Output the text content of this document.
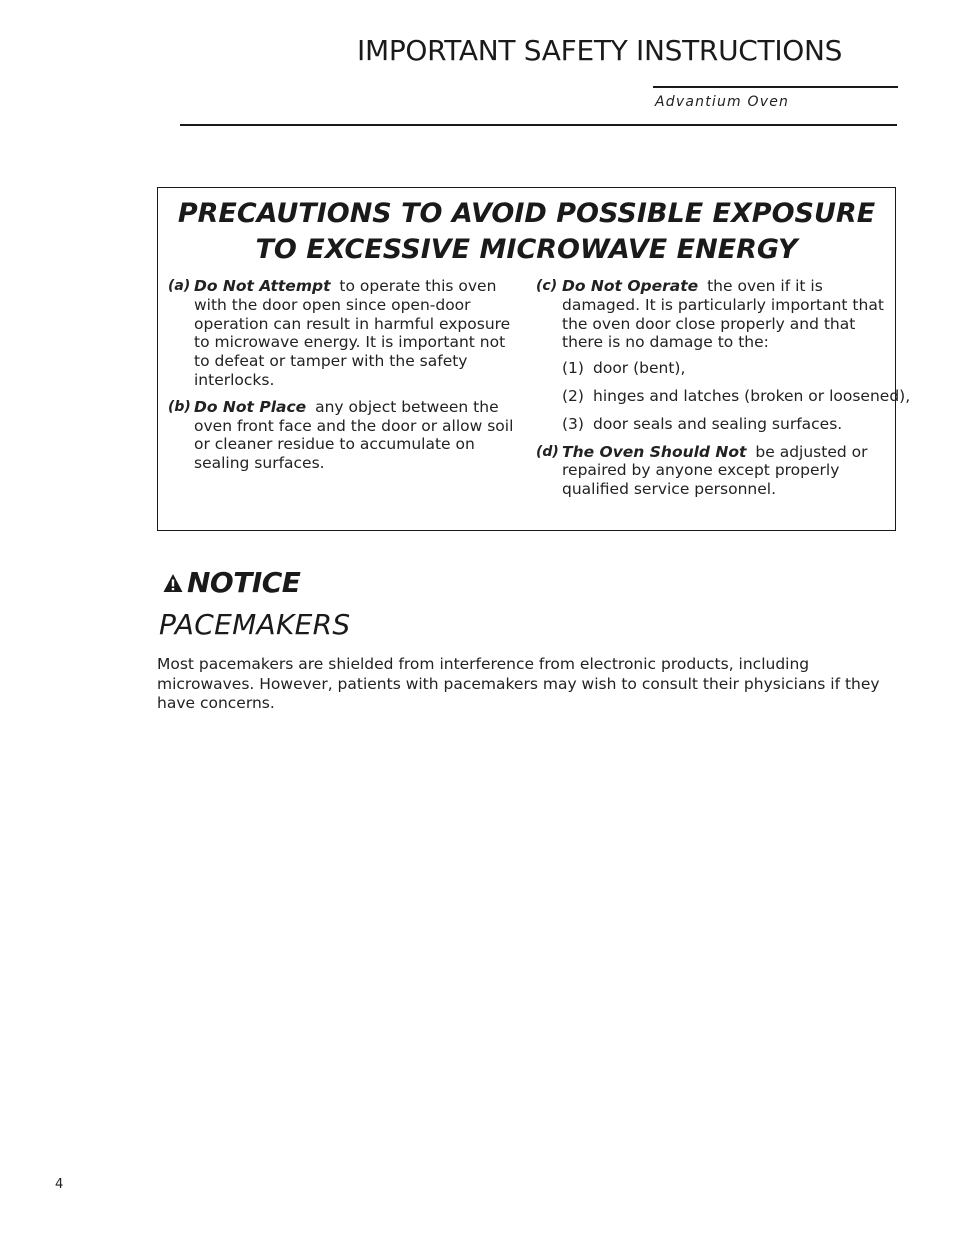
IMPORTANT SAFETY INSTRUCTIONS
Advantium Oven
PRECAUTIONS TO AVOID POSSIBLE EXPOSURE
TO EXCESSIVE MICROWAVE ENERGY
(a) Do Not Attempt to operate this oven with the door open since open-door operation can result in harmful exposure to microwave energy. It is important not to defeat or tamper with the safety interlocks.
(b) Do Not Place any object between the oven front face and the door or allow soil or cleaner residue to accumulate on sealing surfaces.
(c) Do Not Operate the oven if it is damaged. It is particularly important that the oven door close properly and that there is no damage to the:
(1) door (bent),
(2) hinges and latches (broken or loosened),
(3) door seals and sealing surfaces.
(d) The Oven Should Not be adjusted or repaired by anyone except properly qualified service personnel.
NOTICE
PACEMAKERS
Most pacemakers are shielded from interference from electronic products, including microwaves. However, patients with pacemakers may wish to consult their physicians if they have concerns.
4
